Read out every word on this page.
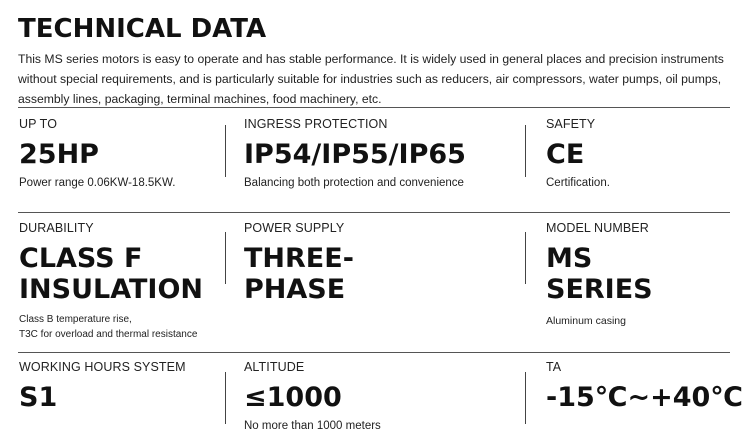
TECHNICAL DATA
This MS series motors is easy to operate and has stable performance. It is widely used in general places and precision instruments without special requirements, and is particularly suitable for industries such as reducers, air compressors, water pumps, oil pumps, assembly lines, packaging, terminal machines, food machinery, etc.
UP TO
25HP
Power range 0.06KW-18.5KW.
INGRESS PROTECTION
IP54/IP55/IP65
Balancing both protection and convenience
SAFETY
CE
Certification.
DURABILITY
CLASS F
INSULATION
Class B temperature rise,
T3C for overload and thermal resistance
POWER SUPPLY
THREE-
PHASE
MODEL NUMBER
MS
SERIES
Aluminum casing
WORKING HOURS SYSTEM
S1
ALTITUDE
≤1000
No more than 1000 meters
TA
-15℃~+40℃
